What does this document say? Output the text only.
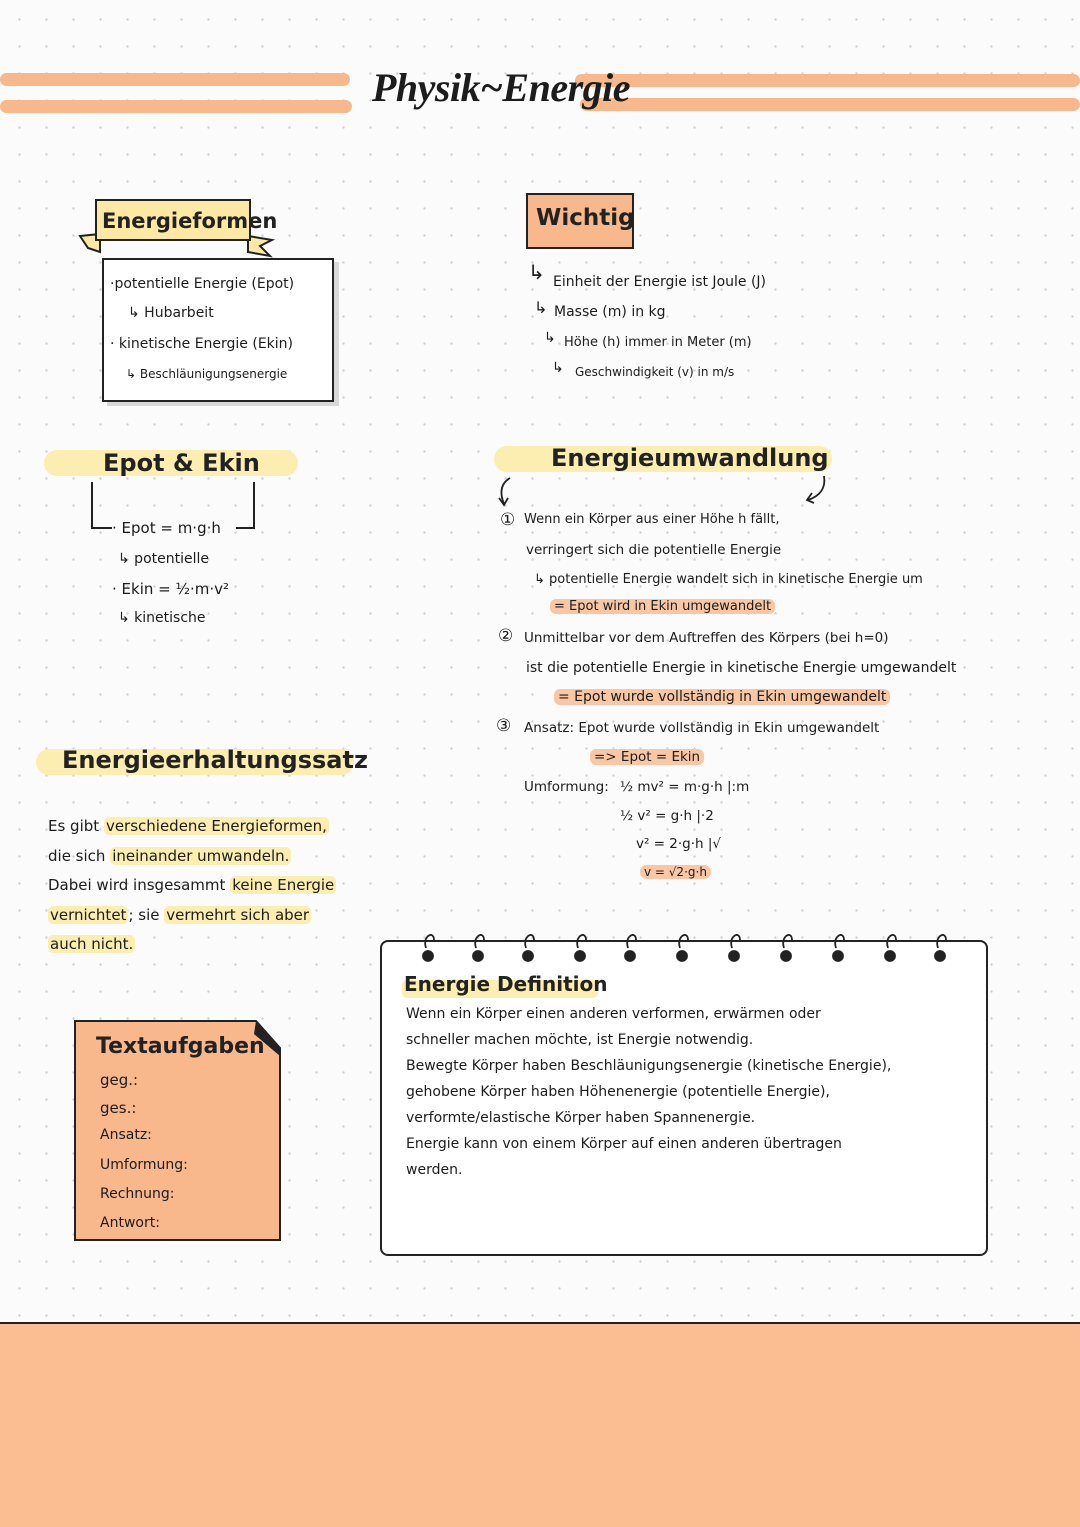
Physik~Energie
Energieformen
·potentielle Energie (Epot)
↳ Hubarbeit
· kinetische Energie (Ekin)
↳ Beschläunigungsenergie
Wichtig
↳ Einheit der Energie ist Joule (J)
↳ Masse (m) in kg
↳ Höhe (h) immer in Meter (m)
↳ Geschwindigkeit (v) in m/s
Epot & Ekin
· Epot = m·g·h
↳ potentielle
· Ekin = ½·m·v²
↳ kinetische
Energieumwandlung
① Wenn ein Körper aus einer Höhe h fällt,
verringert sich die potentielle Energie
↳ potentielle Energie wandelt sich in kinetische Energie um
= Epot wird in Ekin umgewandelt
② Unmittelbar vor dem Auftreffen des Körpers (bei h=0)
ist die potentielle Energie in kinetische Energie umgewandelt
= Epot wurde vollständig in Ekin umgewandelt
③ Ansatz: Epot wurde vollständig in Ekin umgewandelt
=> Epot = Ekin
Umformung: ½ mv² = m·g·h |:m
½ v² = g·h |·2
v² = 2·g·h |√
v = √2·g·h
Energieerhaltungssatz
Es gibt verschiedene Energieformen,
die sich ineinander umwandeln.
Dabei wird insgesammt keine Energie
vernichtet ; sie vermehrt sich aber
auch nicht.
Textaufgaben
geg.:
ges.:
Ansatz:
Umformung:
Rechnung:
Antwort:
Energie Definition
Wenn ein Körper einen anderen verformen, erwärmen oder
schneller machen möchte, ist Energie notwendig.
Bewegte Körper haben Beschläunigungsenergie (kinetische Energie),
gehobene Körper haben Höhenenergie (potentielle Energie),
verformte/elastische Körper haben Spannenergie.
Energie kann von einem Körper auf einen anderen übertragen
werden.
